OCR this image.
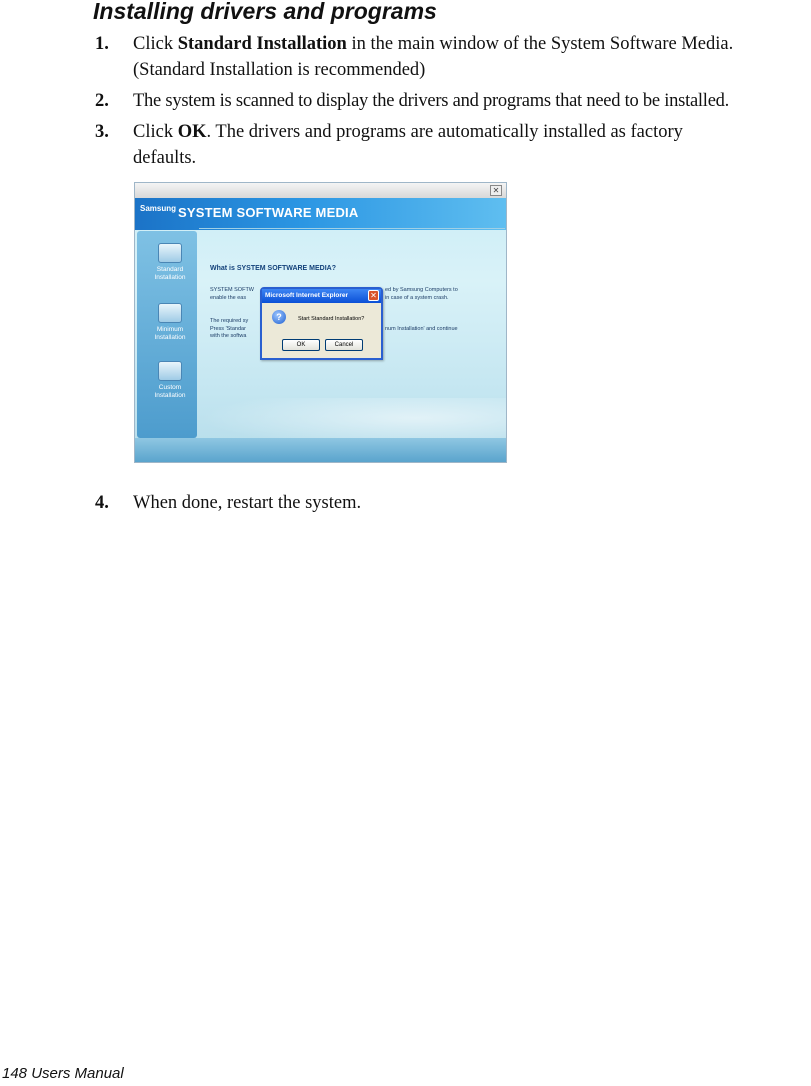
Installing drivers and programs
1. Click Standard Installation in the main window of the System Software Media.
(Standard Installation is recommended)
2. The system is scanned to display the drivers and programs that need to be installed.
3. Click OK. The drivers and programs are automatically installed as factory
defaults.
✕
Samsung SYSTEM SOFTWARE MEDIA
Standard
Installation
Minimum
Installation
Custom
Installation
What is SYSTEM SOFTWARE MEDIA?
SYSTEM SOFTW
enable the eas
ed by Samsung Computers to
in case of a system crash.
The required sy
Press 'Standar
with the softwa
num Installation' and continue
Microsoft Internet Explorer	✕
?	Start Standard Installation?
OK	Cancel
4. When done, restart the system.

148 Users Manual
